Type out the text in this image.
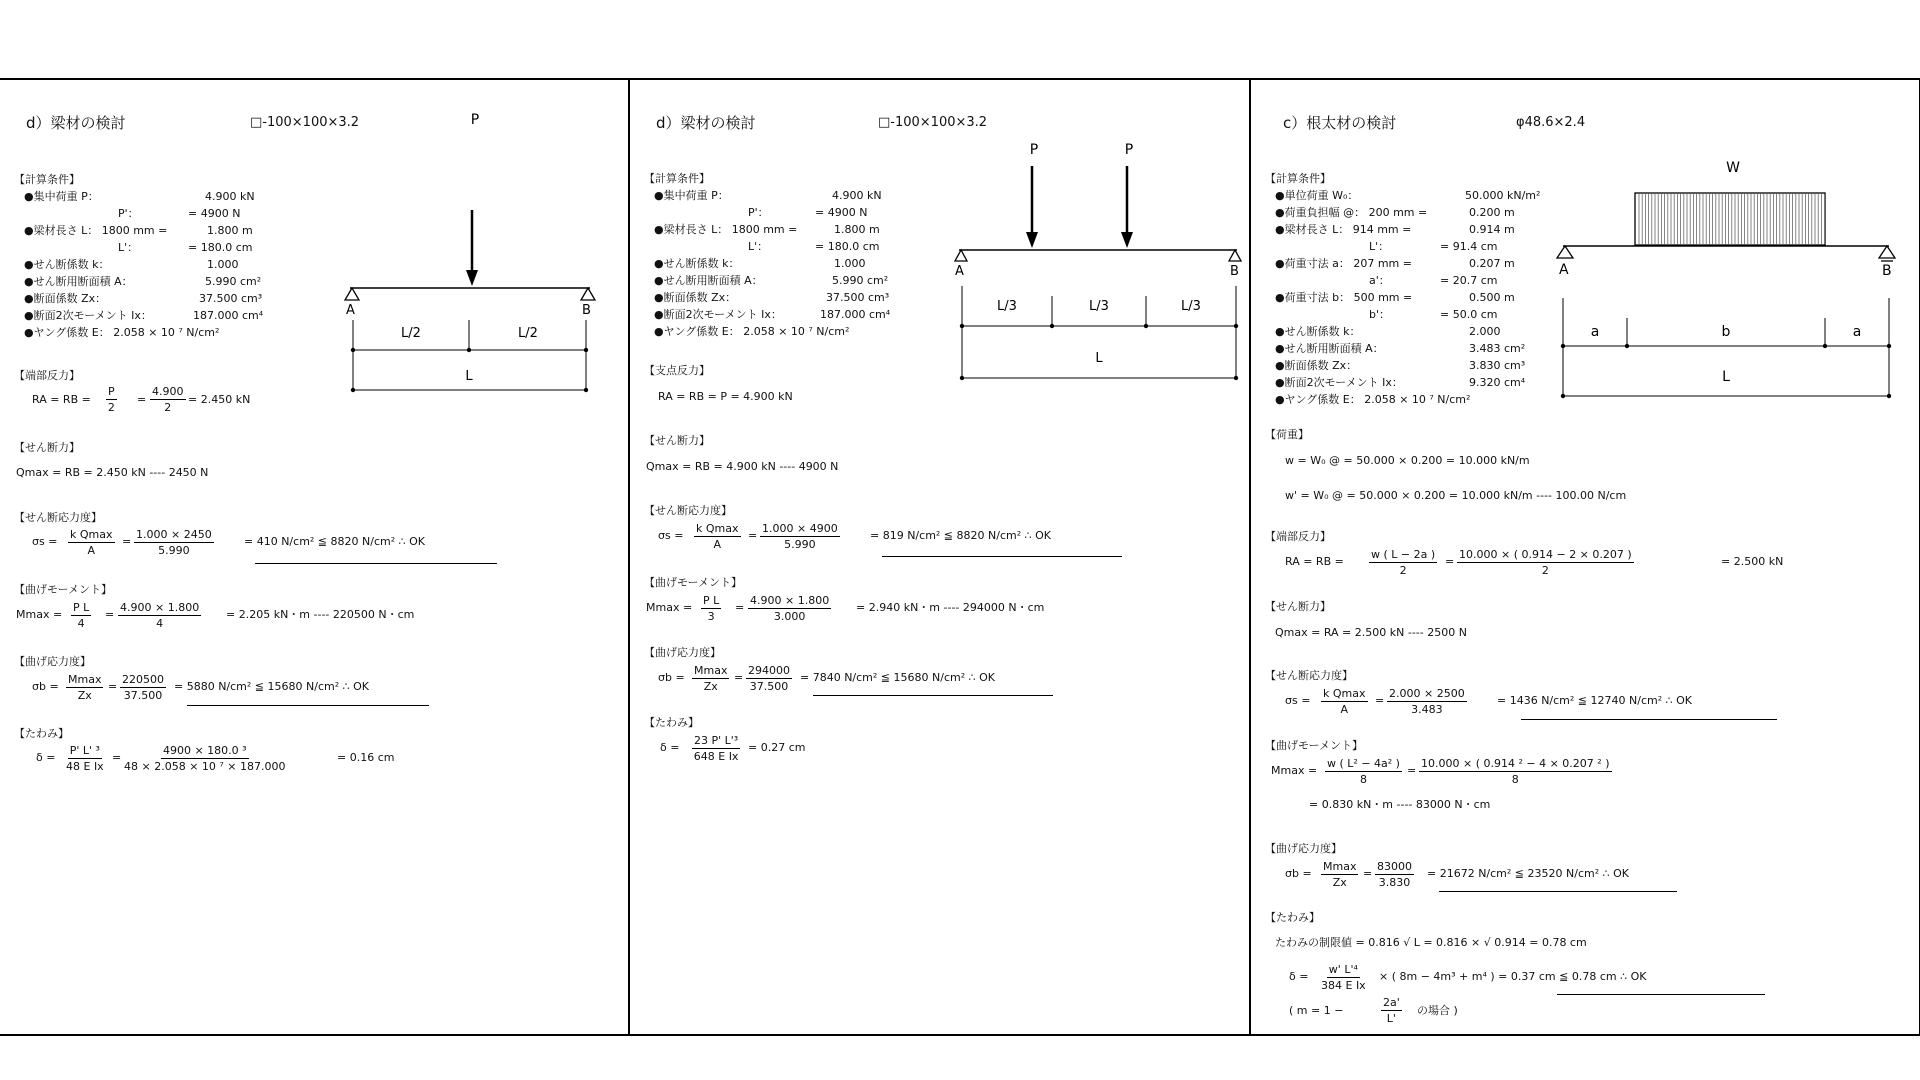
d）梁材の検討	□-100×100×3.2	P
A	B
L/2	L/2
L
【計算条件】
●集中荷重 P：	4.900 kN
P'：	= 4900 N
●梁材長さ L： 1800 mm =	1.800 m
L'：	= 180.0 cm
●せん断係数 k：	1.000
●せん断用断面積 A：	5.990 cm²
●断面係数 Zx：	37.500 cm³
●断面2次モーメント Ix：	187.000 cm⁴
●ヤング係数 E： 2.058 × 10 ⁷ N/cm²
【端部反力】
RA = RB = $\frac{P}{2} = \frac{4.900}{2} = 2.450$ kN
【せん断力】
Qmax = RB = 2.450 kN ---- 2450 N
【せん断応力度】
σs =
k Qmax
A
= $\frac{1.000 \times 2450}{5.990}$	= 410 N/cm² ≦ 8820 N/cm² ∴ OK
【曲げモーメント】
$Mmax = \frac{\text{P L}}{4} = \frac{4.900 \times 1.800}{4} = 2.205$ kN・m ---- 220500 N・cm
【曲げ応力度】
σb =
Mmax
Zx
= $\frac{220500}{37.500} = 5880$ N/cm² ≦ 15680 N/cm² ∴ OK
【たわみ】
$\delta = \frac{\text{P' L' ³}}{\text{48 E Ix}} = \frac{\text{4900 × 180.0 ³}}{\text{48 × 2.058 × 10 ⁷ × 187.000}}$	= 0.16 cm
d）梁材の検討	□-100×100×3.2
P	P
A	B
L/3	L/3	L/3
L
【計算条件】
●集中荷重 P：	4.900 kN
P'：	= 4900 N
●梁材長さ L： 1800 mm =	1.800 m
L'：	= 180.0 cm
●せん断係数 k：	1.000
●せん断用断面積 A：	5.990 cm²
●断面係数 Zx：	37.500 cm³
●断面2次モーメント Ix：	187.000 cm⁴
●ヤング係数 E： 2.058 × 10 ⁷ N/cm²
【支点反力】
RA = RB = P = 4.900 kN
【せん断力】
Qmax = RB = 4.900 kN ---- 4900 N
【せん断応力度】
σs =
k Qmax
A
= $\frac{1.000 \times 4900}{5.990}$	= 819 N/cm² ≦ 8820 N/cm² ∴ OK
【曲げモーメント】
$Mmax = \frac{\text{P L}}{3} = \frac{4.900 \times 1.800}{3.000} = 2.940$ kN・m ---- 294000 N・cm
【曲げ応力度】
σb =
Mmax
Zx
= $\frac{294000}{37.500} = 7840$ N/cm² ≦ 15680 N/cm² ∴ OK
【たわみ】
$\delta = \frac{\text{23 P' L'³}}{\text{648 E Ix}} = 0.27$ cm
c）根太材の検討	φ48.6×2.4
W
A	B
a	b	a
L
【計算条件】
●単位荷重 W₀：	50.000 kN/m²
●荷重負担幅 @： 200 mm =	0.200 m
●梁材長さ L： 914 mm =	0.914 m
L'：	= 91.4 cm
●荷重寸法 a： 207 mm =	0.207 m
a'：	= 20.7 cm
●荷重寸法 b： 500 mm =	0.500 m
b'：	= 50.0 cm
●せん断係数 k：	2.000
●せん断用断面積 A：	3.483 cm²
●断面係数 Zx：	3.830 cm³
●断面2次モーメント Ix：	9.320 cm⁴
●ヤング係数 E： 2.058 × 10 ⁷ N/cm²
【荷重】
w = W₀ @ = 50.000 × 0.200 = 10.000 kN/m
w' = W₀ @ = 50.000 × 0.200 = 10.000 kN/m ---- 100.00 N/cm
【端部反力】
RA = RB = $\frac{w ( L - 2a )}{2} = \frac{10.000 \times ( 0.914 - 2 \times 0.207 )}{2}$	= 2.500 kN
【せん断力】
Qmax = RA = 2.500 kN ---- 2500 N
【せん断応力度】
σs =
k Qmax
A
= $\frac{2.000 \times 2500}{3.483}$	= 1436 N/cm² ≦ 12740 N/cm² ∴ OK
【曲げモーメント】
$Mmax = \frac{\text{w ( L² − 4a² )}}{8} = \frac{\text{10.000 × ( 0.914 ² − 4 × 0.207 ² )}}{8}$
= 0.830 kN・m ---- 83000 N・cm
【曲げ応力度】
σb =
Mmax
Zx
= $\frac{83000}{3.830} = 21672$ N/cm² ≦ 23520 N/cm² ∴ OK
【たわみ】
たわみの制限値 = 0.816 √ L = 0.816 × √ 0.914 = 0.78 cm
$\delta = \frac{\text{w' L'⁴}}{\text{384 E Ix}}$ × ( 8m − 4m³ + m⁴ ) = 0.37 cm ≦ 0.78 cm ∴ OK
( m = 1 −	$\frac{2a'}{L'}$ の場合 )
